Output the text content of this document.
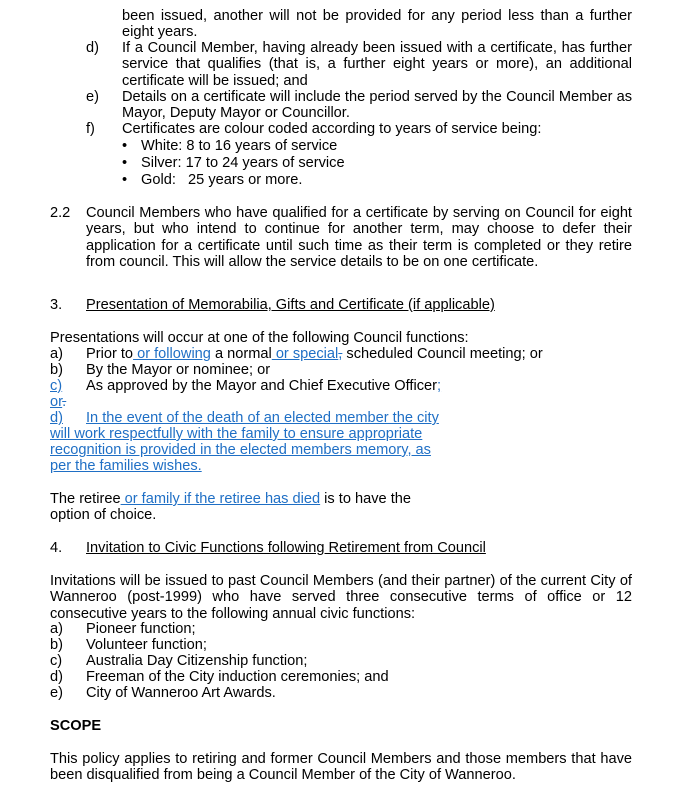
been issued, another will not be provided for any period less than a further eight years.
d) If a Council Member, having already been issued with a certificate, has further service that qualifies (that is, a further eight years or more), an additional certificate will be issued; and
e) Details on a certificate will include the period served by the Council Member as Mayor, Deputy Mayor or Councillor.
f) Certificates are colour coded according to years of service being:
• White: 8 to 16 years of service
• Silver: 17 to 24 years of service
• Gold:   25 years or more.
2.2 Council Members who have qualified for a certificate by serving on Council for eight years, but who intend to continue for another term, may choose to defer their application for a certificate until such time as their term is completed or they retire from council. This will allow the service details to be on one certificate.
3. Presentation of Memorabilia, Gifts and Certificate (if applicable)
Presentations will occur at one of the following Council functions:
a) Prior to or following a normal or special, scheduled Council meeting; or
b) By the Mayor or nominee; or
c)	As approved by the Mayor and Chief Executive Officer;
or.
d)	In the event of the death of an elected member the city
will work respectfully with the family to ensure appropriate
recognition is provided in the elected members memory, as
per the families wishes.
The retiree or family if the retiree has died is to have the
option of choice.
4. Invitation to Civic Functions following Retirement from Council
Invitations will be issued to past Council Members (and their partner) of the current City of Wanneroo (post-1999) who have served three consecutive terms of office or 12 consecutive years to the following annual civic functions:
a) Pioneer function;
b) Volunteer function;
c) Australia Day Citizenship function;
d) Freeman of the City induction ceremonies; and
e) City of Wanneroo Art Awards.
SCOPE
This policy applies to retiring and former Council Members and those members that have been disqualified from being a Council Member of the City of Wanneroo.
